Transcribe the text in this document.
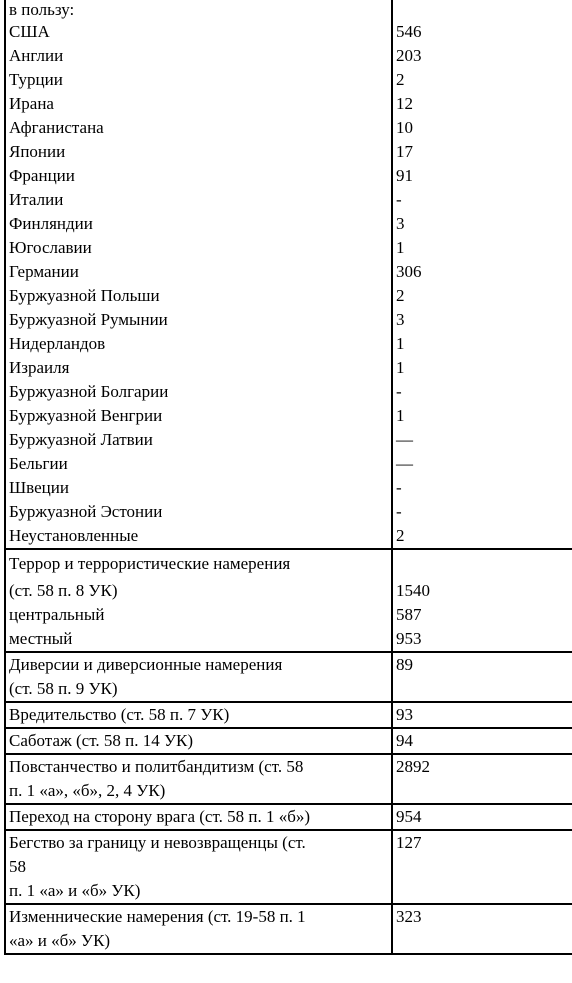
в пользу:	
США	546
Англии	203
Турции	2
Ирана	12
Афганистана	10
Японии	17
Франции	91
Италии	-
Финляндии	3
Югославии	1
Германии	306
Буржуазной Польши	2
Буржуазной Румынии	3
Нидерландов	1
Израиля	1
Буржуазной Болгарии	-
Буржуазной Венгрии	1
Буржуазной Латвии	—
Бельгии	—
Швеции	-
Буржуазной Эстонии	-
Неустановленные	2
Террор и террористические намерения	
(ст. 58 п. 8 УК)	1540
центральный	587
местный	953

Диверсии и диверсионные намерения
(ст. 58 п. 9 УК)	89

Вредительство (ст. 58 п. 7 УК)	93

Саботаж (ст. 58 п. 14 УК)	94

Повстанчество и политбандитизм (ст. 58
п. 1 «а», «б», 2, 4 УК)	2892

Переход на сторону врага (ст. 58 п. 1 «б»)	954

Бегство за границу и невозвращенцы (ст.
58
п. 1 «а» и «б» УК)	127

Изменнические намерения (ст. 19-58 п. 1
«а» и «б» УК)	323
